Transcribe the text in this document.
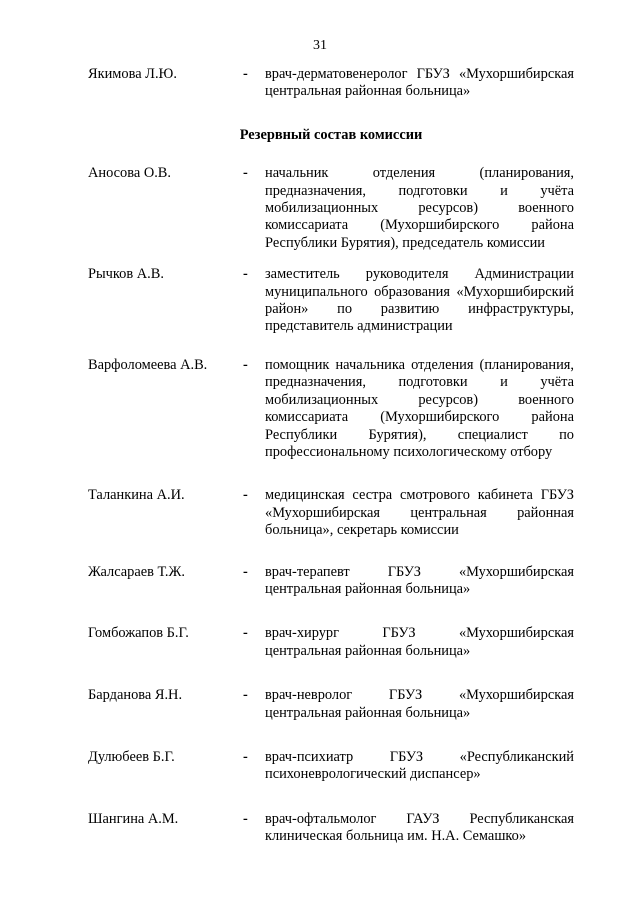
31
Якимова Л.Ю.	-	врач-дерматовенеролог ГБУЗ «Мухоршибирская центральная районная больница»
Резервный состав комиссии
Аносова О.В.	-	начальник отделения (планирования, предназначения, подготовки и учёта мобилизационных ресурсов) военного комиссариата (Мухоршибирского района Республики Бурятия), председатель комиссии
Рычков А.В.	-	заместитель руководителя Администрации муниципального образования «Мухоршибирский район» по развитию инфраструктуры, представитель администрации
Варфоломеева А.В.	-	помощник начальника отделения (планирования, предназначения, подготовки и учёта мобилизационных ресурсов) военного комиссариата (Мухоршибирского района Республики Бурятия), специалист по профессиональному психологическому отбору
Таланкина А.И.	-	медицинская сестра смотрового кабинета ГБУЗ «Мухоршибирская центральная районная больница», секретарь комиссии
Жалсараев Т.Ж.	-	врач-терапевт ГБУЗ «Мухоршибирская центральная районная больница»
Гомбожапов Б.Г.	-	врач-хирург ГБУЗ «Мухоршибирская центральная районная больница»
Барданова Я.Н.	-	врач-невролог ГБУЗ «Мухоршибирская центральная районная больница»
Дулюбеев Б.Г.	-	врач-психиатр ГБУЗ «Республиканский психоневрологический диспансер»
Шангина А.М.	-	врач-офтальмолог ГАУЗ Республиканская клиническая больница им. Н.А. Семашко»
